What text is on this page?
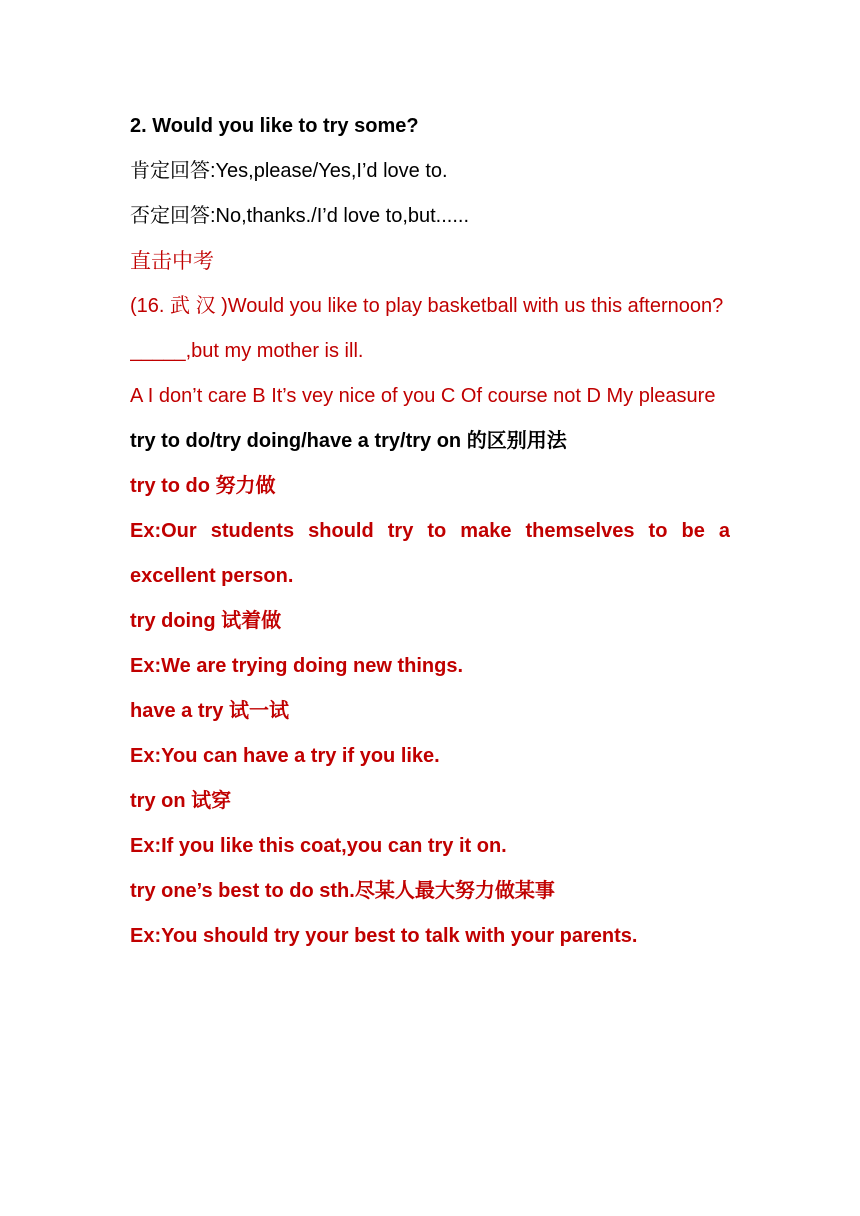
2. Would you like to try some?
肯定回答:Yes,please/Yes,I’d love to.
否定回答:No,thanks./I’d love to,but......
直击中考
(16. 武 汉 )Would you like to play basketball with us this afternoon?
_____,but my mother is ill.
A I don’t care B It’s vey nice of you C Of course not D My pleasure
try to do/try doing/have a try/try on 的区别用法
try to do 努力做
Ex:Our students should try to make themselves to be a excellent person.
try doing 试着做
Ex:We are trying doing new things.
have a try 试一试
Ex:You can have a try if you like.
try on 试穿
Ex:If you like this coat,you can try it on.
try one’s best to do sth.尽某人最大努力做某事
Ex:You should try your best to talk with your parents.
